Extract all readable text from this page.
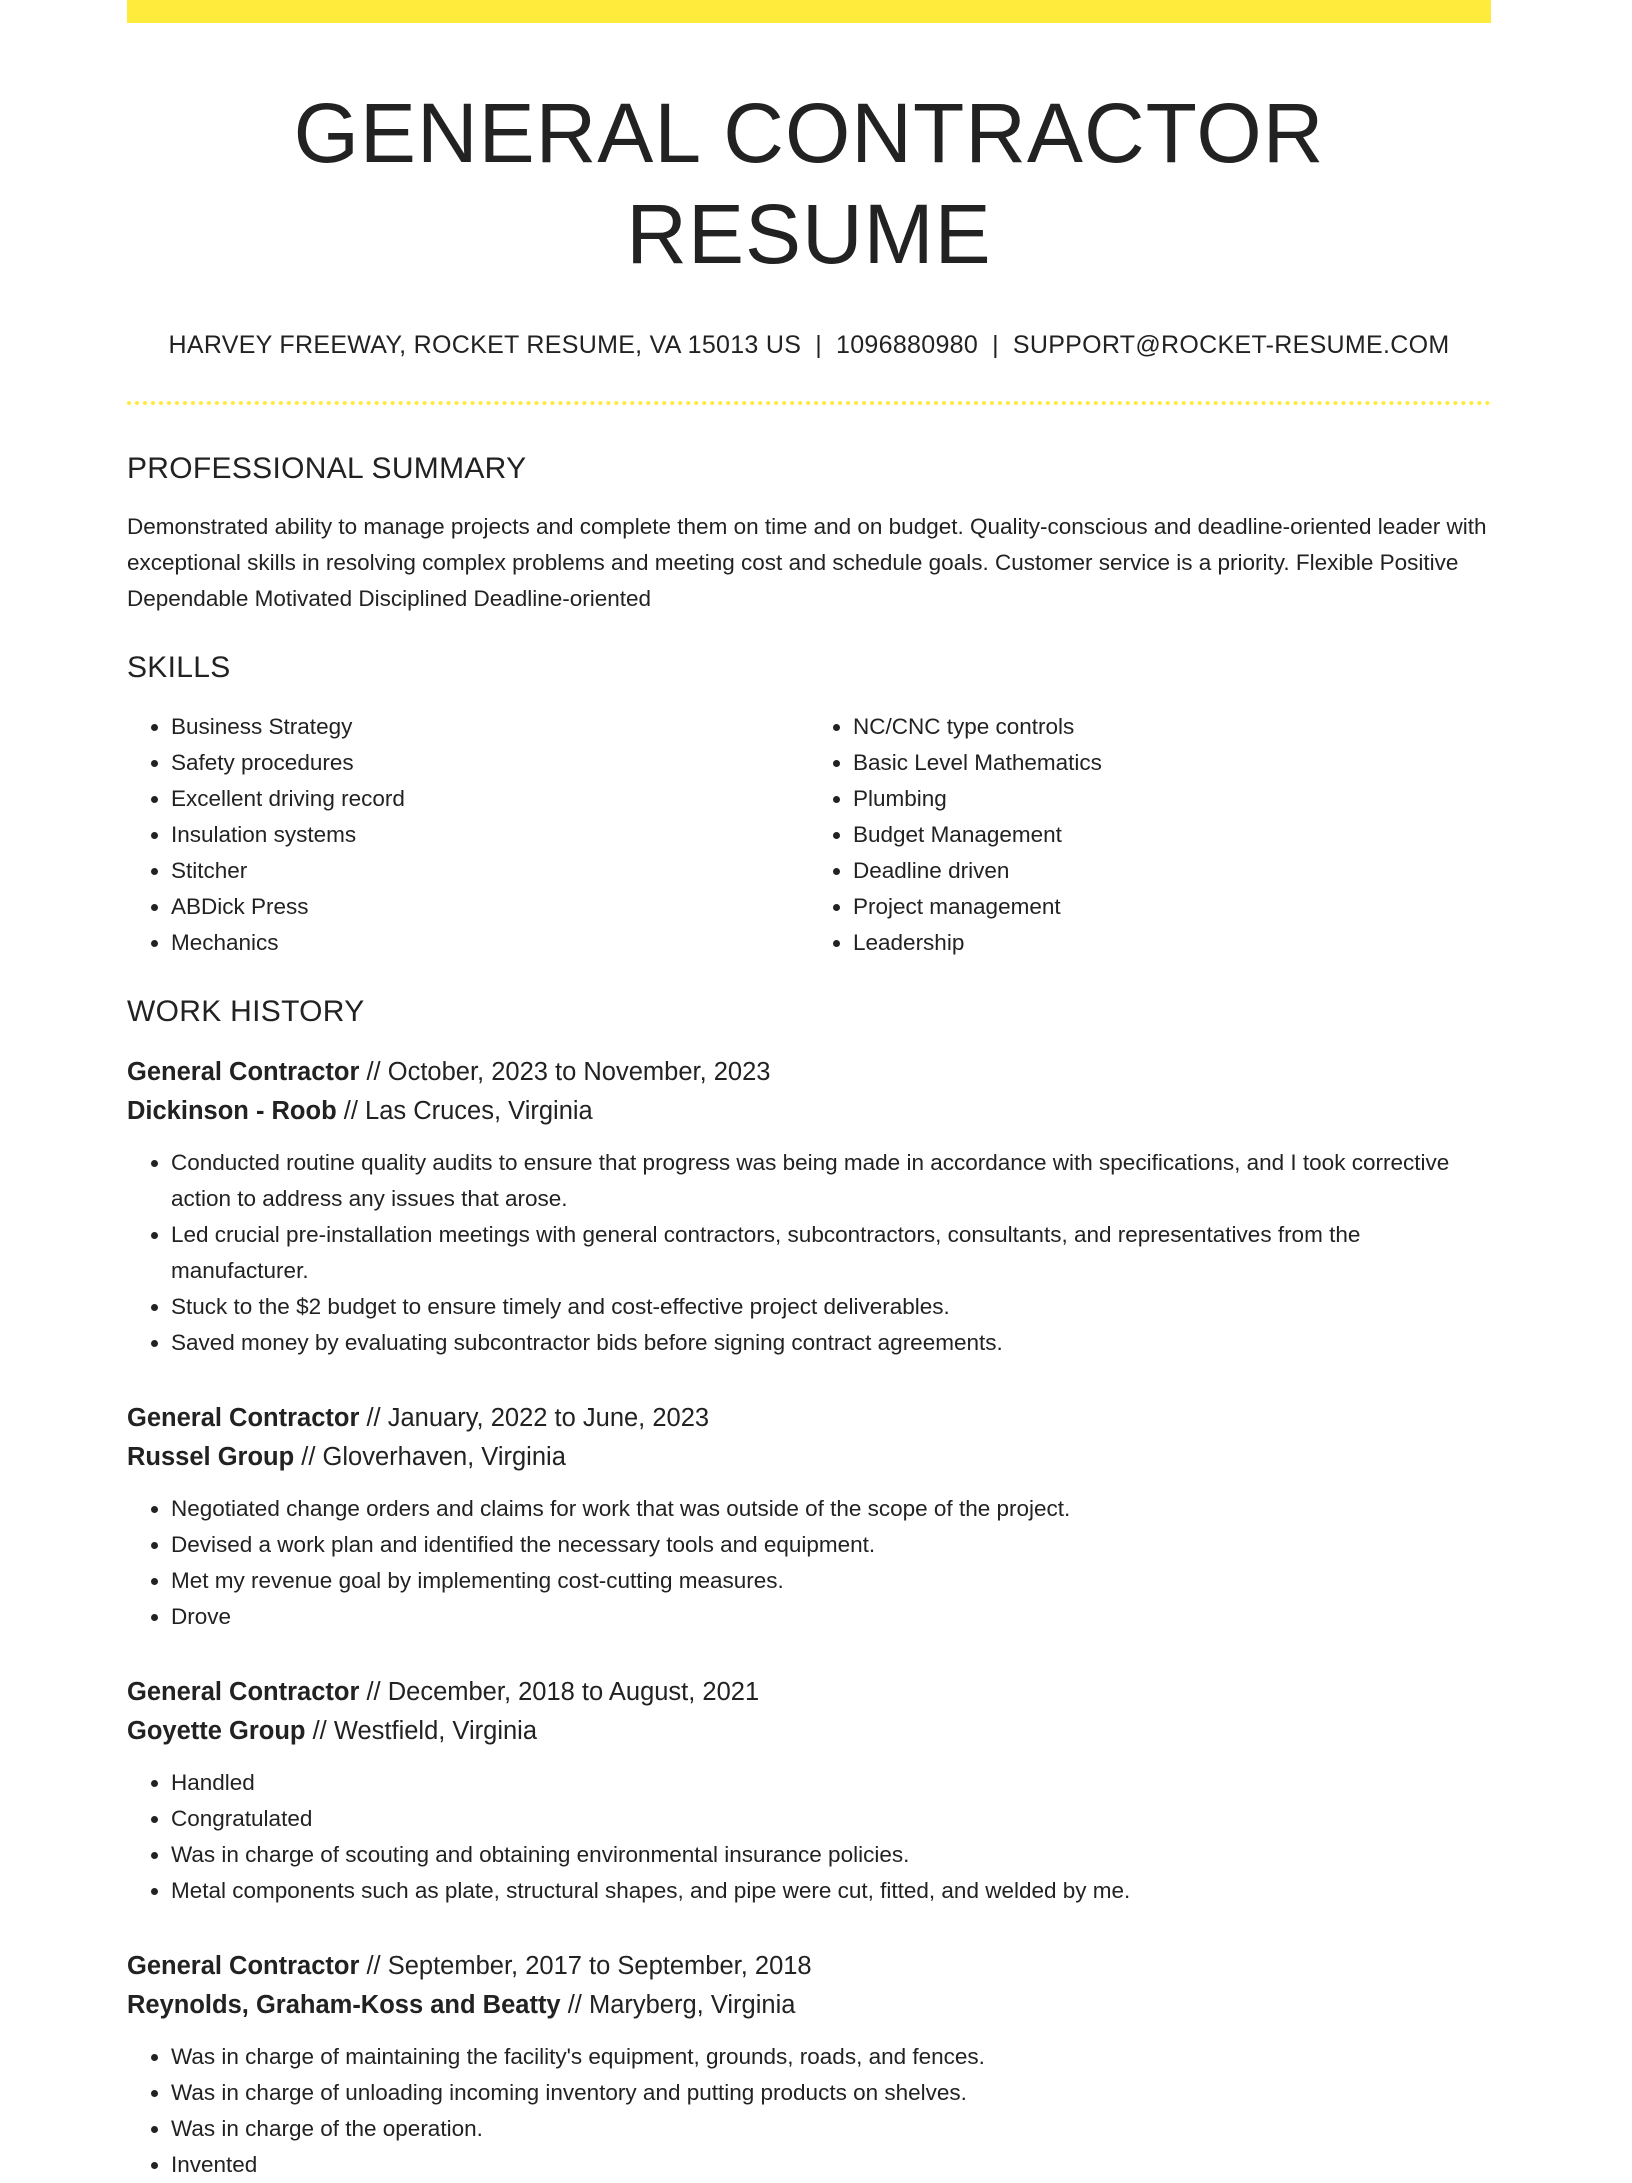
GENERAL CONTRACTOR RESUME
HARVEY FREEWAY, ROCKET RESUME, VA 15013 US | 1096880980 | SUPPORT@ROCKET-RESUME.COM
PROFESSIONAL SUMMARY

Demonstrated ability to manage projects and complete them on time and on budget. Quality-conscious and deadline-oriented leader with exceptional skills in resolving complex problems and meeting cost and schedule goals. Customer service is a priority. Flexible Positive Dependable Motivated Disciplined Deadline-oriented

SKILLS
• Business Strategy
• Safety procedures
• Excellent driving record
• Insulation systems
• Stitcher
• ABDick Press
• Mechanics
• NC/CNC type controls
• Basic Level Mathematics
• Plumbing
• Budget Management
• Deadline driven
• Project management
• Leadership
WORK HISTORY
General Contractor // October, 2023 to November, 2023
Dickinson - Roob // Las Cruces, Virginia
• Conducted routine quality audits to ensure that progress was being made in accordance with specifications, and I took corrective action to address any issues that arose.
• Led crucial pre-installation meetings with general contractors, subcontractors, consultants, and representatives from the manufacturer.
• Stuck to the $2 budget to ensure timely and cost-effective project deliverables.
• Saved money by evaluating subcontractor bids before signing contract agreements.
General Contractor // January, 2022 to June, 2023
Russel Group // Gloverhaven, Virginia
• Negotiated change orders and claims for work that was outside of the scope of the project.
• Devised a work plan and identified the necessary tools and equipment.
• Met my revenue goal by implementing cost-cutting measures.
• Drove
General Contractor // December, 2018 to August, 2021
Goyette Group // Westfield, Virginia
• Handled
• Congratulated
• Was in charge of scouting and obtaining environmental insurance policies.
• Metal components such as plate, structural shapes, and pipe were cut, fitted, and welded by me.
General Contractor // September, 2017 to September, 2018
Reynolds, Graham-Koss and Beatty // Maryberg, Virginia
• Was in charge of maintaining the facility's equipment, grounds, roads, and fences.
• Was in charge of unloading incoming inventory and putting products on shelves.
• Was in charge of the operation.
• Invented
